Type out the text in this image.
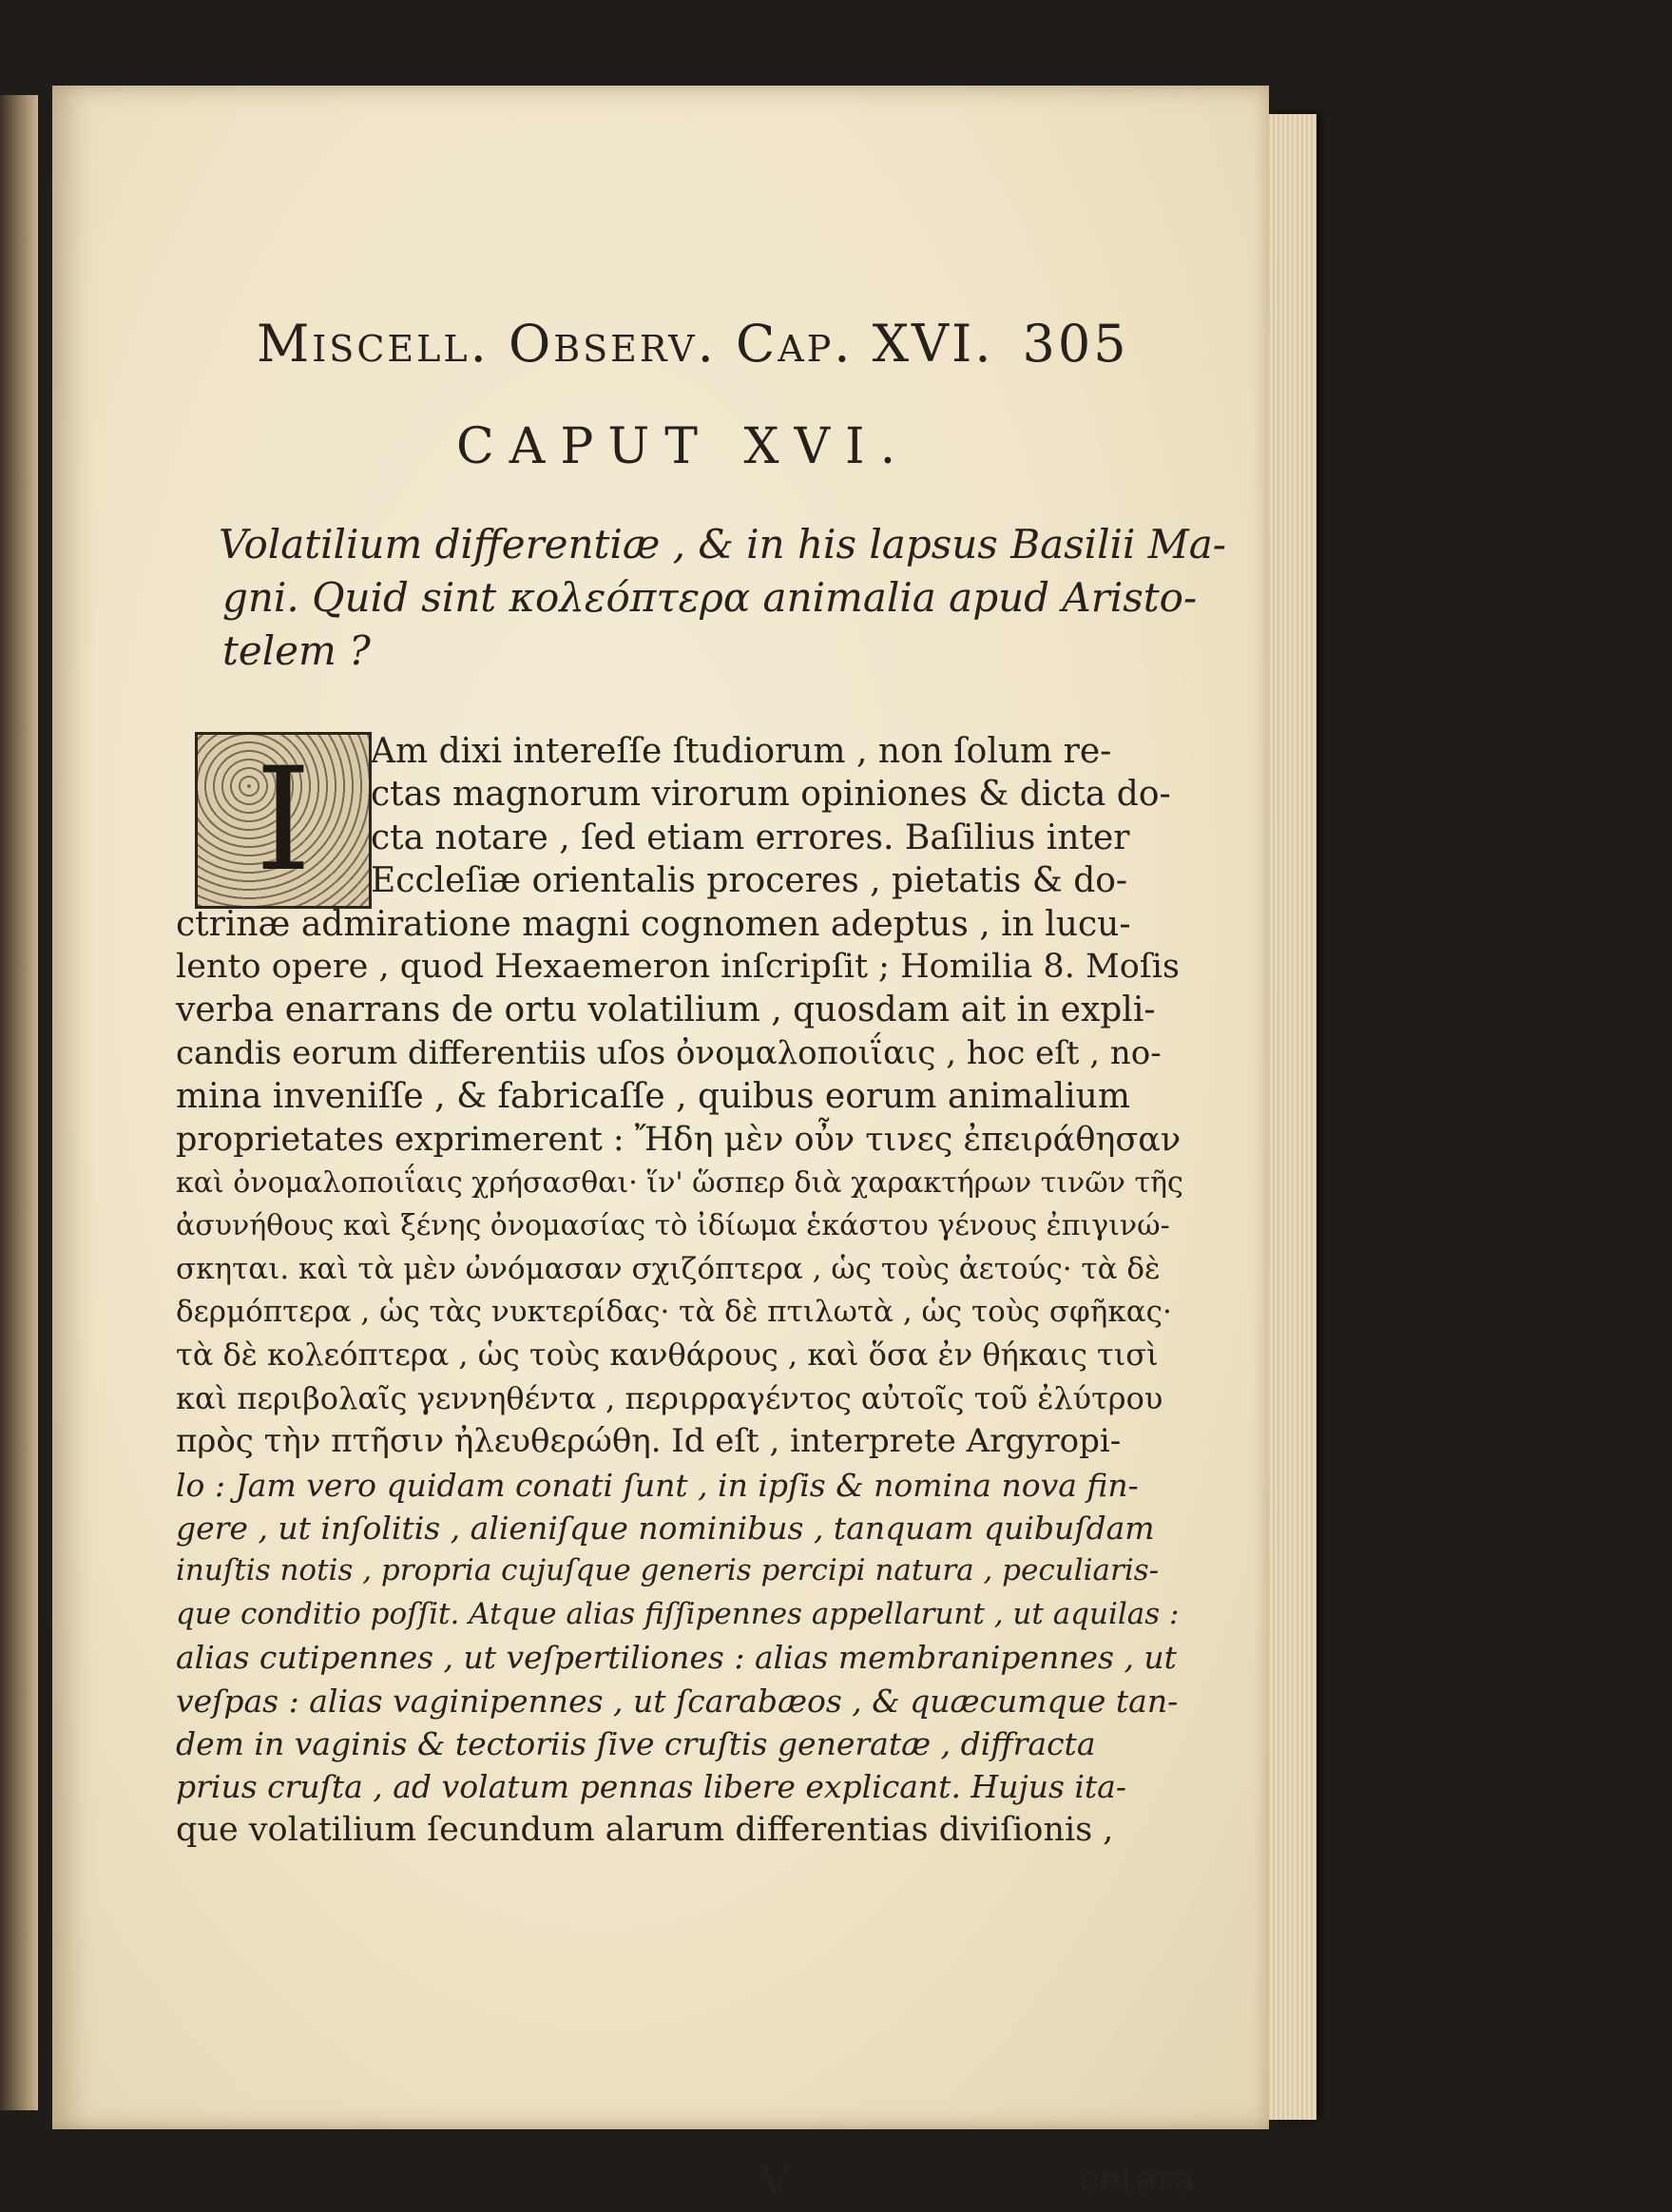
Miscell. Observ. Cap. XVI. 305
CAPUT XVI.
Volatilium differentiæ , & in his lapsus Basilii Ma-
gni. Quid sint κολεόπτερα animalia apud Aristo-
telem ?
I	Am dixi intereſſe ſtudiorum , non ſolum re-
ctas magnorum virorum opiniones & dicta do-
cta notare , ſed etiam errores. Baſilius inter
Eccleſiæ orientalis proceres , pietatis & do-
ctrinæ admiratione magni cognomen adeptus , in lucu-
lento opere , quod Hexaemeron inſcripſit ; Homilia 8. Moſis
verba enarrans de ortu volatilium , quosdam ait in expli-
candis eorum differentiis uſos ὀνομαλοποιΐαις , hoc eſt , no-
mina inveniſſe , & fabricaſſe , quibus eorum animalium
proprietates exprimerent : Ἤδη μὲν οὖν τινες ἐπειράθησαν
καὶ ὀνομαλοποιΐαις χρήσασθαι· ἵν' ὥσπερ διὰ χαρακτήρων τινῶν τῆς
ἀσυνήθους καὶ ξένης ὀνομασίας τὸ ἰδίωμα ἑκάστου γένους ἐπιγινώ-
σκηται. καὶ τὰ μὲν ὠνόμασαν σχιζόπτερα , ὡς τοὺς ἀετούς· τὰ δὲ
δερμόπτερα , ὡς τὰς νυκτερίδας· τὰ δὲ πτιλωτὰ , ὡς τοὺς σφῆκας·
τὰ δὲ κολεόπτερα , ὡς τοὺς κανθάρους , καὶ ὅσα ἐν θήκαις τισὶ
καὶ περιβολαῖς γεννηθέντα , περιρραγέντος αὐτοῖς τοῦ ἐλύτρου
πρὸς τὴν πτῆσιν ἠλευθερώθη. Id eſt , interprete Argyropi-
lo : Jam vero quidam conati ſunt , in ipſis & nomina nova fin-
gere , ut inſolitis , alieniſque nominibus , tanquam quibuſdam
inuſtis notis , propria cujuſque generis percipi natura , peculiaris-
que conditio poſſit. Atque alias fiſſipennes appellarunt , ut aquilas :
alias cutipennes , ut veſpertiliones : alias membranipennes , ut
veſpas : alias vaginipennes , ut ſcarabæos , & quæcumque tan-
dem in vaginis & tectoriis ſive cruſtis generatæ , diffracta
prius cruſta , ad volatum pennas libere explicant. Hujus ita-
que volatilium ſecundum alarum differentias diviſionis ,
V	cetera
